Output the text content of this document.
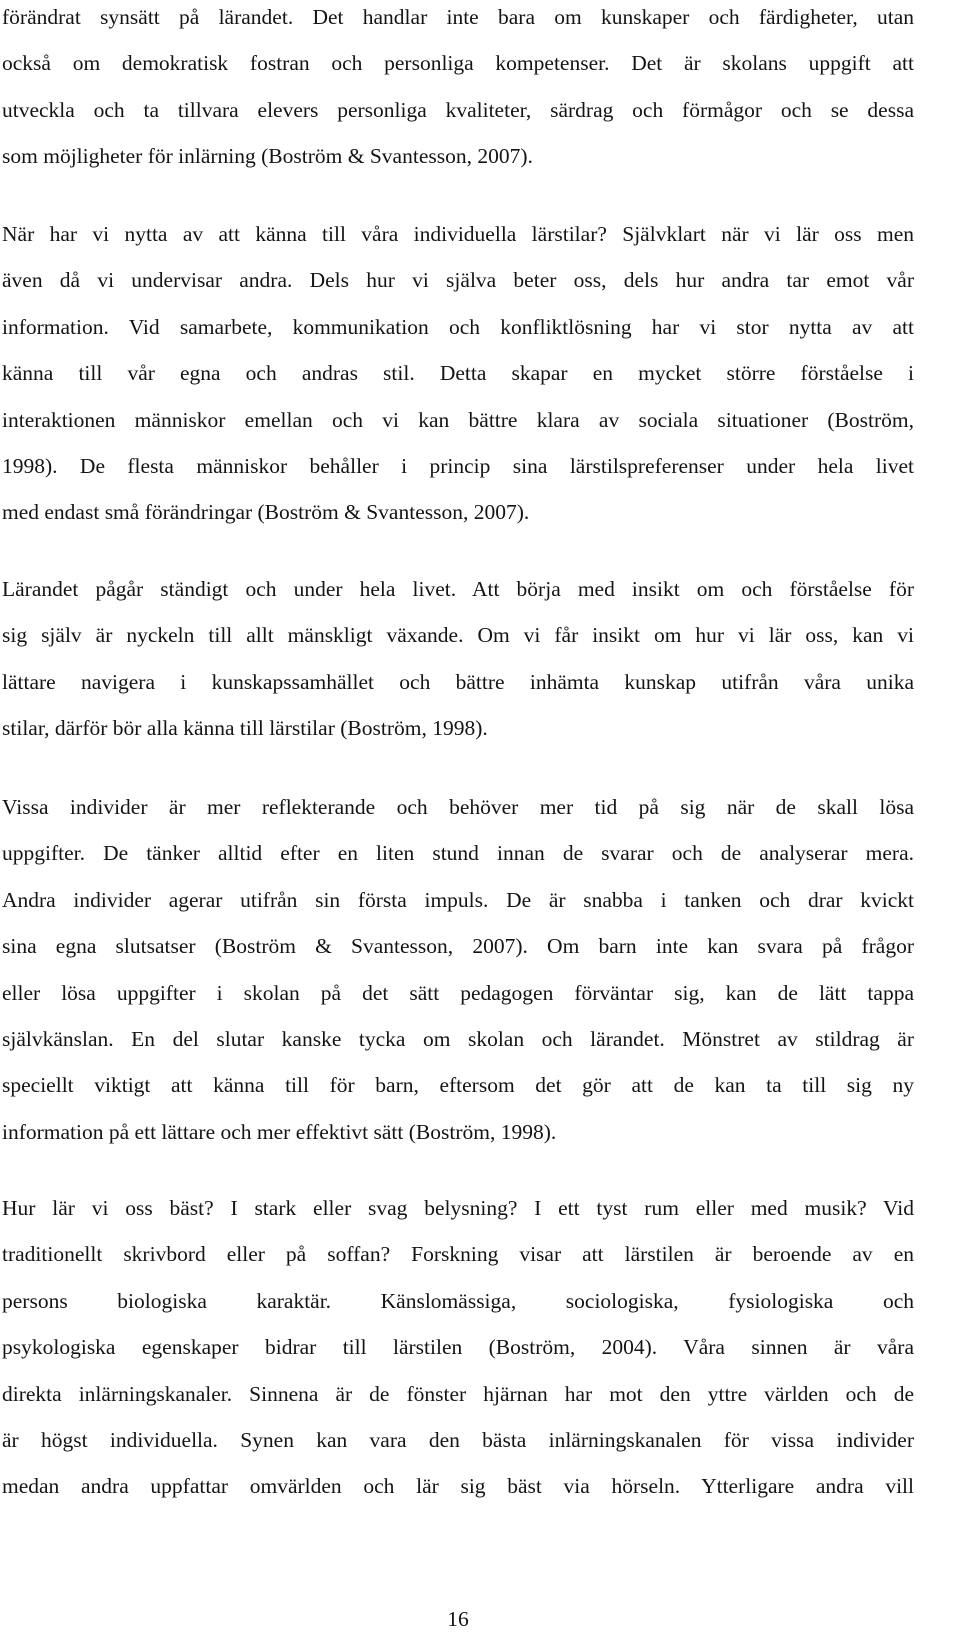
förändrat synsätt på lärandet. Det handlar inte bara om kunskaper och färdigheter, utan
också om demokratisk fostran och personliga kompetenser. Det är skolans uppgift att
utveckla och ta tillvara elevers personliga kvaliteter, särdrag och förmågor och se dessa
som möjligheter för inlärning (Boström & Svantesson, 2007).
När har vi nytta av att känna till våra individuella lärstilar? Självklart när vi lär oss men
även då vi undervisar andra. Dels hur vi själva beter oss, dels hur andra tar emot vår
information. Vid samarbete, kommunikation och konfliktlösning har vi stor nytta av att
känna till vår egna och andras stil. Detta skapar en mycket större förståelse i
interaktionen människor emellan och vi kan bättre klara av sociala situationer (Boström,
1998). De flesta människor behåller i princip sina lärstilspreferenser under hela livet
med endast små förändringar (Boström & Svantesson, 2007).
Lärandet pågår ständigt och under hela livet. Att börja med insikt om och förståelse för
sig själv är nyckeln till allt mänskligt växande. Om vi får insikt om hur vi lär oss, kan vi
lättare navigera i kunskapssamhället och bättre inhämta kunskap utifrån våra unika
stilar, därför bör alla känna till lärstilar (Boström, 1998).
Vissa individer är mer reflekterande och behöver mer tid på sig när de skall lösa
uppgifter. De tänker alltid efter en liten stund innan de svarar och de analyserar mera.
Andra individer agerar utifrån sin första impuls. De är snabba i tanken och drar kvickt
sina egna slutsatser (Boström & Svantesson, 2007). Om barn inte kan svara på frågor
eller lösa uppgifter i skolan på det sätt pedagogen förväntar sig, kan de lätt tappa
självkänslan. En del slutar kanske tycka om skolan och lärandet. Mönstret av stildrag är
speciellt viktigt att känna till för barn, eftersom det gör att de kan ta till sig ny
information på ett lättare och mer effektivt sätt (Boström, 1998).
Hur lär vi oss bäst? I stark eller svag belysning? I ett tyst rum eller med musik? Vid
traditionellt skrivbord eller på soffan? Forskning visar att lärstilen är beroende av en
persons biologiska karaktär. Känslomässiga, sociologiska, fysiologiska och
psykologiska egenskaper bidrar till lärstilen (Boström, 2004). Våra sinnen är våra
direkta inlärningskanaler. Sinnena är de fönster hjärnan har mot den yttre världen och de
är högst individuella. Synen kan vara den bästa inlärningskanalen för vissa individer
medan andra uppfattar omvärlden och lär sig bäst via hörseln. Ytterligare andra vill
16
